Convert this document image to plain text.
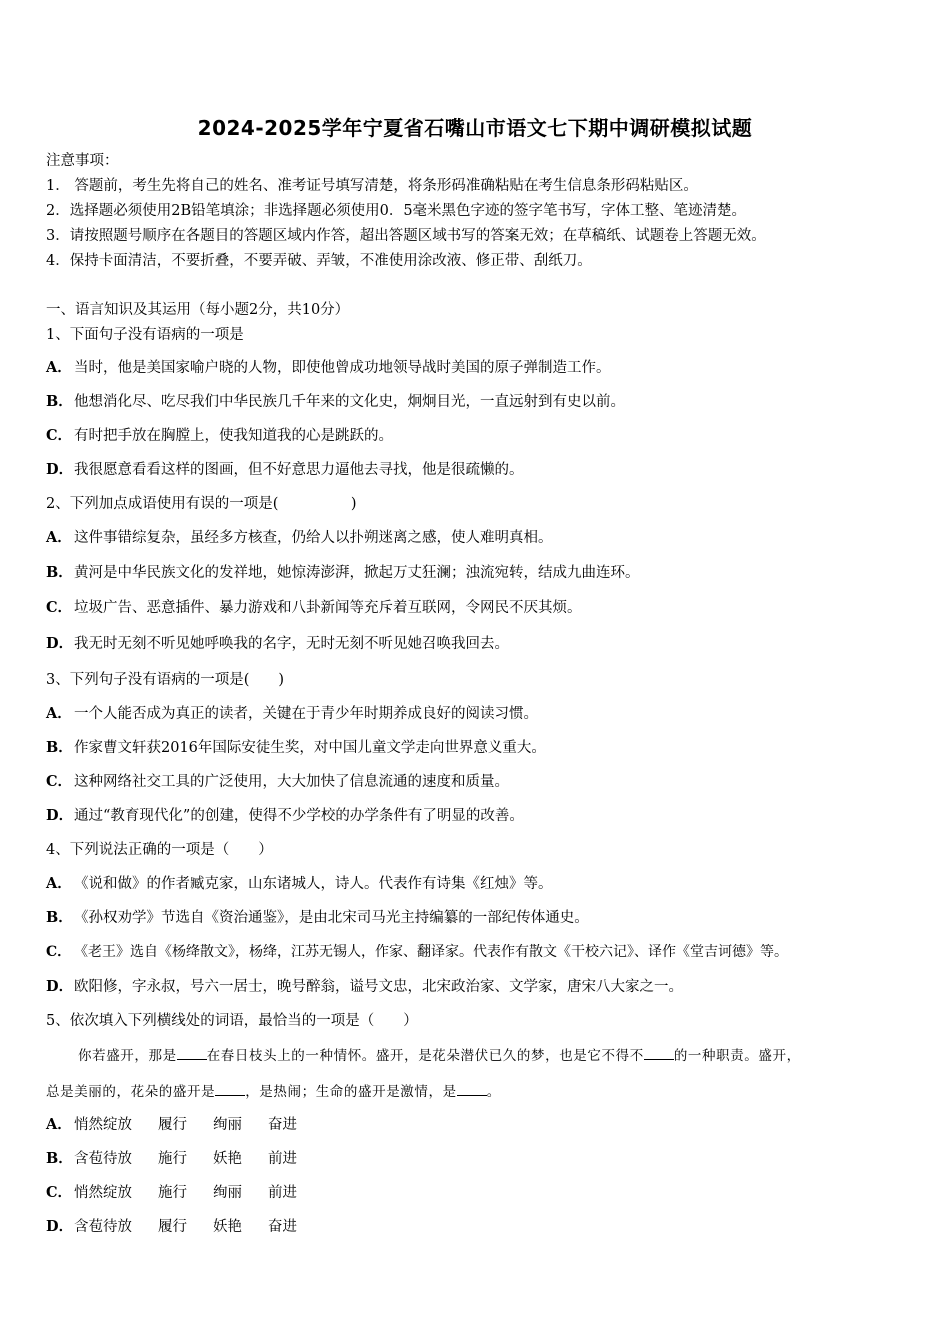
2024-2025学年宁夏省石嘴山市语文七下期中调研模拟试题
注意事项：
1． 答题前，考生先将自己的姓名、准考证号填写清楚，将条形码准确粘贴在考生信息条形码粘贴区。
2．选择题必须使用2B铅笔填涂；非选择题必须使用0．5毫米黑色字迹的签字笔书写，字体工整、笔迹清楚。
3．请按照题号顺序在各题目的答题区域内作答，超出答题区域书写的答案无效；在草稿纸、试题卷上答题无效。
4．保持卡面清洁，不要折叠，不要弄破、弄皱，不准使用涂改液、修正带、刮纸刀。
一、语言知识及其运用（每小题2分，共10分）
1、下面句子没有语病的一项是
A． 当时，他是美国家喻户晓的人物，即使他曾成功地领导战时美国的原子弹制造工作。
B．他想消化尽、吃尽我们中华民族几千年来的文化史，炯炯目光，一直远射到有史以前。
C． 有时把手放在胸膛上，使我知道我的心是跳跃的。
D．我很愿意看看这样的图画，但不好意思力逼他去寻找，他是很疏懒的。
2、下列加点成语使用有误的一项是(　　　　　)
A． 这件事错综复杂，虽经多方核查，仍给人以扑朔迷离之感，使人难明真相。
B．黄河是中华民族文化的发祥地，她惊涛澎湃，掀起万丈狂澜；浊流宛转，结成九曲连环。
C． 垃圾广告、恶意插件、暴力游戏和八卦新闻等充斥着互联网，令网民不厌其烦。
D．我无时无刻不听见她呼唤我的名字，无时无刻不听见她召唤我回去。
3、下列句子没有语病的一项是(　　)
A． 一个人能否成为真正的读者，关键在于青少年时期养成良好的阅读习惯。
B．作家曹文轩获2016年国际安徒生奖，对中国儿童文学走向世界意义重大。
C． 这种网络社交工具的广泛使用，大大加快了信息流通的速度和质量。
D．通过“教育现代化”的创建，使得不少学校的办学条件有了明显的改善。
4、下列说法正确的一项是（　　）
A． 《说和做》的作者臧克家，山东诸城人，诗人。代表作有诗集《红烛》等。
B．《孙权劝学》节选自《资治通鉴》，是由北宋司马光主持编纂的一部纪传体通史。
C． 《老王》选自《杨绛散文》，杨绛，江苏无锡人，作家、翻译家。代表作有散文《干校六记》、译作《堂吉诃德》等。
D．欧阳修，字永叔，号六一居士，晚号醉翁，谥号文忠，北宋政治家、文学家，唐宋八大家之一。
5、依次填入下列横线处的词语，最恰当的一项是（　　）
你若盛开，那是 在春日枝头上的一种情怀。盛开，是花朵潜伏已久的梦，也是它不得不 的一种职责。盛开，
总是美丽的，花朵的盛开是 ，是热闹；生命的盛开是激情，是 。
A． 悄然绽放 履行 绚丽 奋进
B．含苞待放 施行 妖艳 前进
C． 悄然绽放 施行 绚丽 前进
D．含苞待放 履行 妖艳 奋进
